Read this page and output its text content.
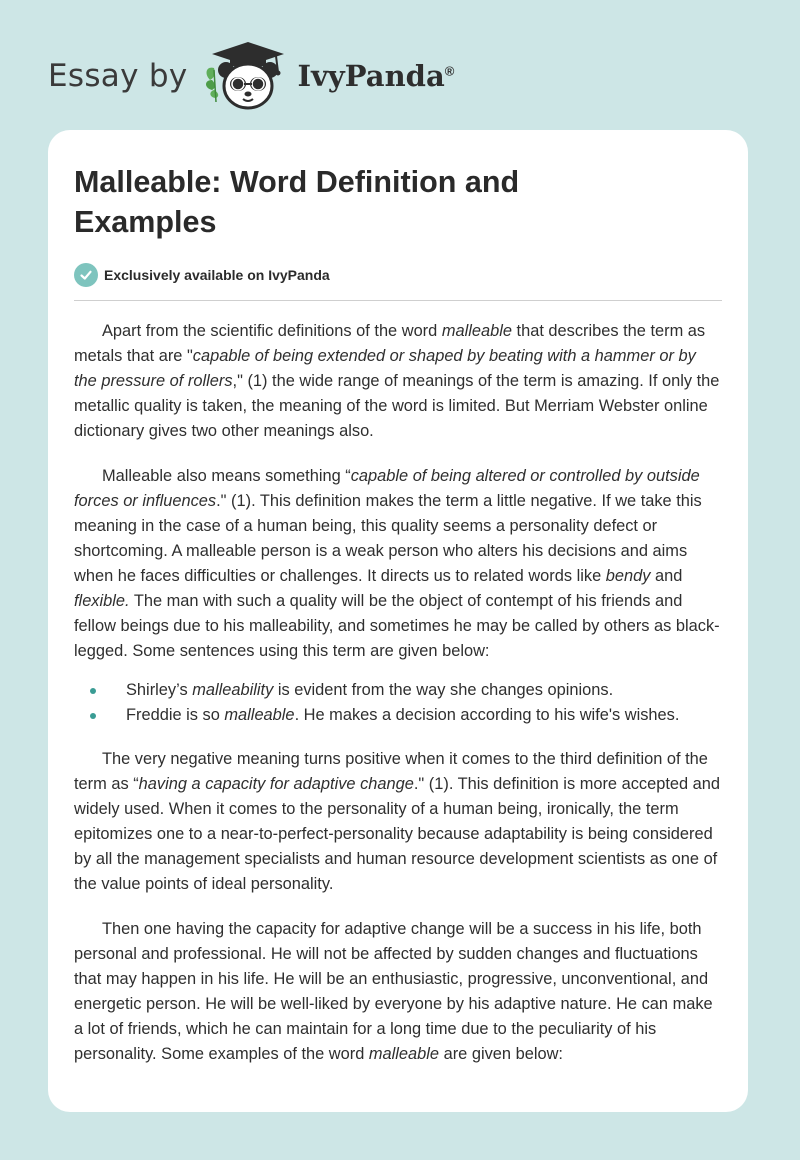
Essay by	IvyPanda®
Malleable: Word Definition and Examples
Exclusively available on IvyPanda

Apart from the scientific definitions of the word malleable that describes the term as metals that are "capable of being extended or shaped by beating with a hammer or by the pressure of rollers," (1) the wide range of meanings of the term is amazing. If only the metallic quality is taken, the meaning of the word is limited. But Merriam Webster online dictionary gives two other meanings also.

Malleable also means something “capable of being altered or controlled by outside forces or influences." (1). This definition makes the term a little negative. If we take this meaning in the case of a human being, this quality seems a personality defect or shortcoming. A malleable person is a weak person who alters his decisions and aims when he faces difficulties or challenges. It directs us to related words like bendy and flexible. The man with such a quality will be the object of contempt of his friends and fellow beings due to his malleability, and sometimes he may be called by others as black-legged. Some sentences using this term are given below:

Shirley’s malleability is evident from the way she changes opinions.
Freddie is so malleable. He makes a decision according to his wife's wishes.

The very negative meaning turns positive when it comes to the third definition of the term as “having a capacity for adaptive change." (1). This definition is more accepted and widely used. When it comes to the personality of a human being, ironically, the term epitomizes one to a near-to-perfect-personality because adaptability is being considered by all the management specialists and human resource development scientists as one of the value points of ideal personality.

Then one having the capacity for adaptive change will be a success in his life, both personal and professional. He will not be affected by sudden changes and fluctuations that may happen in his life. He will be an enthusiastic, progressive, unconventional, and energetic person. He will be well-liked by everyone by his adaptive nature. He can make a lot of friends, which he can maintain for a long time due to the peculiarity of his personality. Some examples of the word malleable are given below:
